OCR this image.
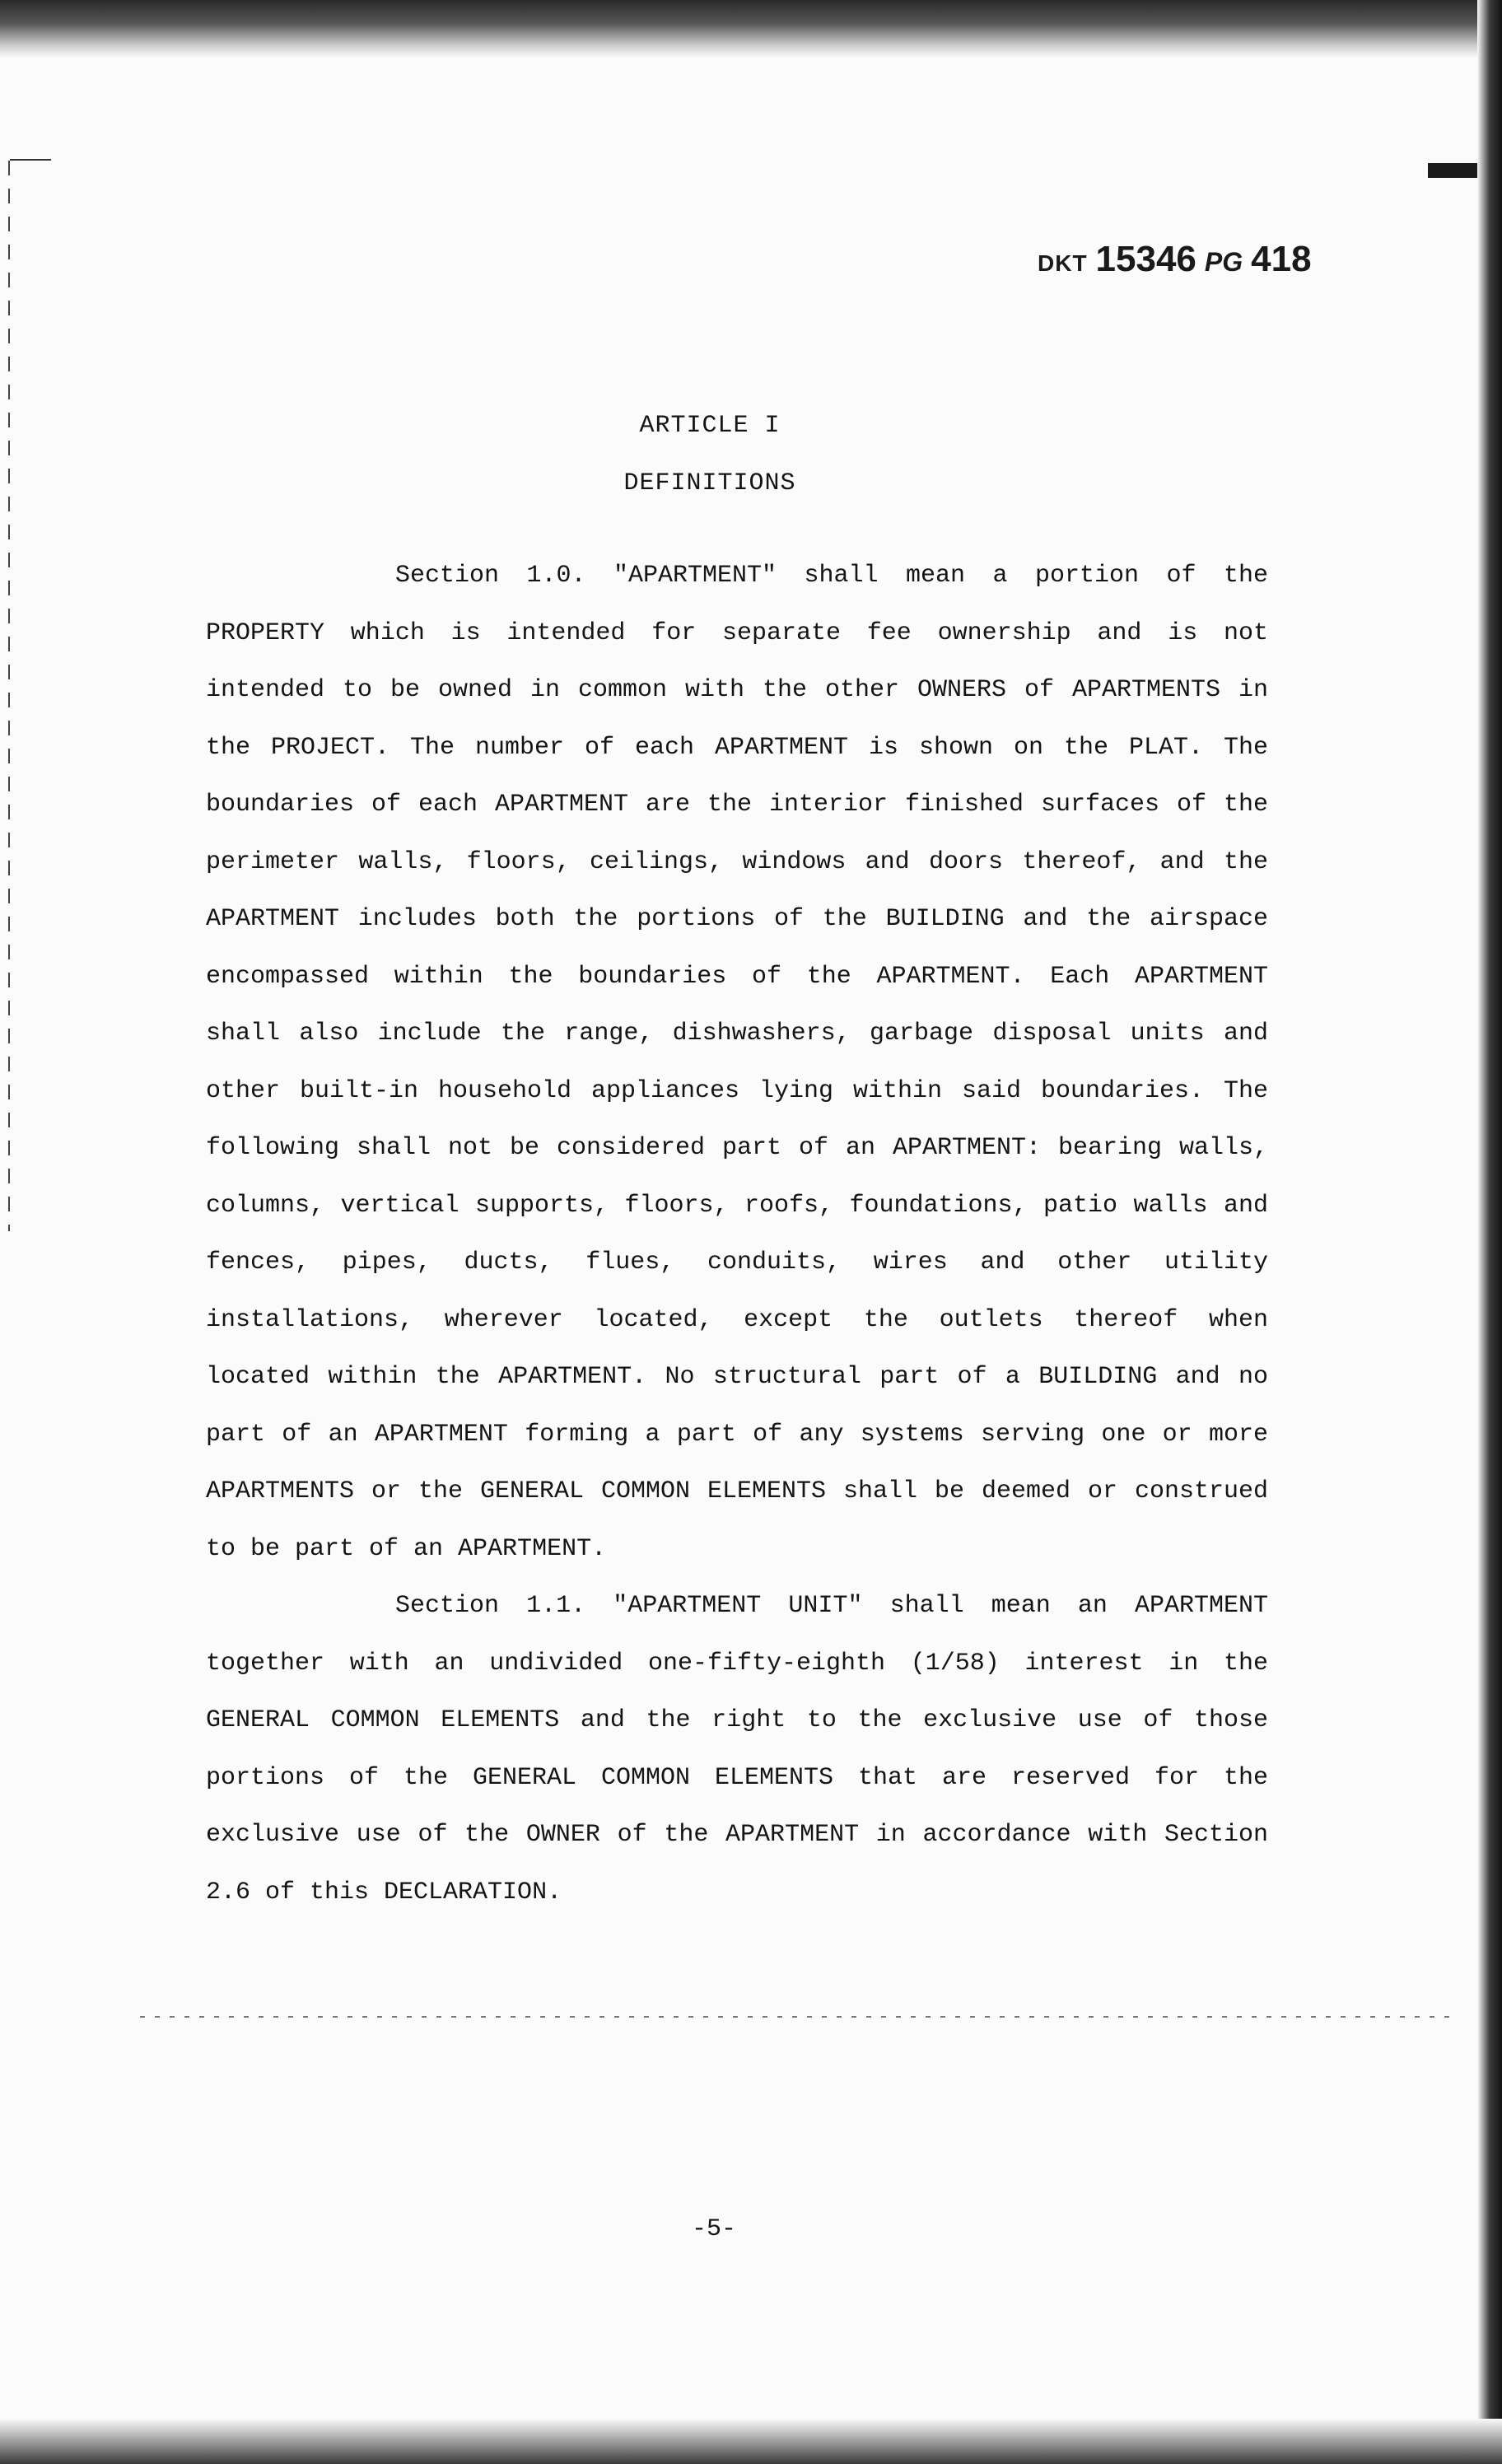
DKT 15346 PG 418
ARTICLE I
DEFINITIONS

Section 1.0. "APARTMENT" shall mean a portion of the PROPERTY which is intended for separate fee ownership and is not intended to be owned in common with the other OWNERS of APARTMENTS in the PROJECT. The number of each APARTMENT is shown on the PLAT. The boundaries of each APARTMENT are the interior finished surfaces of the perimeter walls, floors, ceilings, windows and doors thereof, and the APARTMENT includes both the portions of the BUILDING and the airspace encompassed within the boundaries of the APARTMENT. Each APARTMENT shall also include the range, dishwashers, garbage disposal units and other built-in household appliances lying within said boundaries. The following shall not be considered part of an APARTMENT: bearing walls, columns, vertical supports, floors, roofs, foundations, patio walls and fences, pipes, ducts, flues, conduits, wires and other utility installations, wherever located, except the outlets thereof when located within the APARTMENT. No structural part of a BUILDING and no part of an APARTMENT forming a part of any systems serving one or more APARTMENTS or the GENERAL COMMON ELEMENTS shall be deemed or construed to be part of an APARTMENT.

Section 1.1. "APARTMENT UNIT" shall mean an APARTMENT together with an undivided one-fifty-eighth (1/58) interest in the GENERAL COMMON ELEMENTS and the right to the exclusive use of those portions of the GENERAL COMMON ELEMENTS that are reserved for the exclusive use of the OWNER of the APARTMENT in accordance with Section 2.6 of this DECLARATION.

-5-
